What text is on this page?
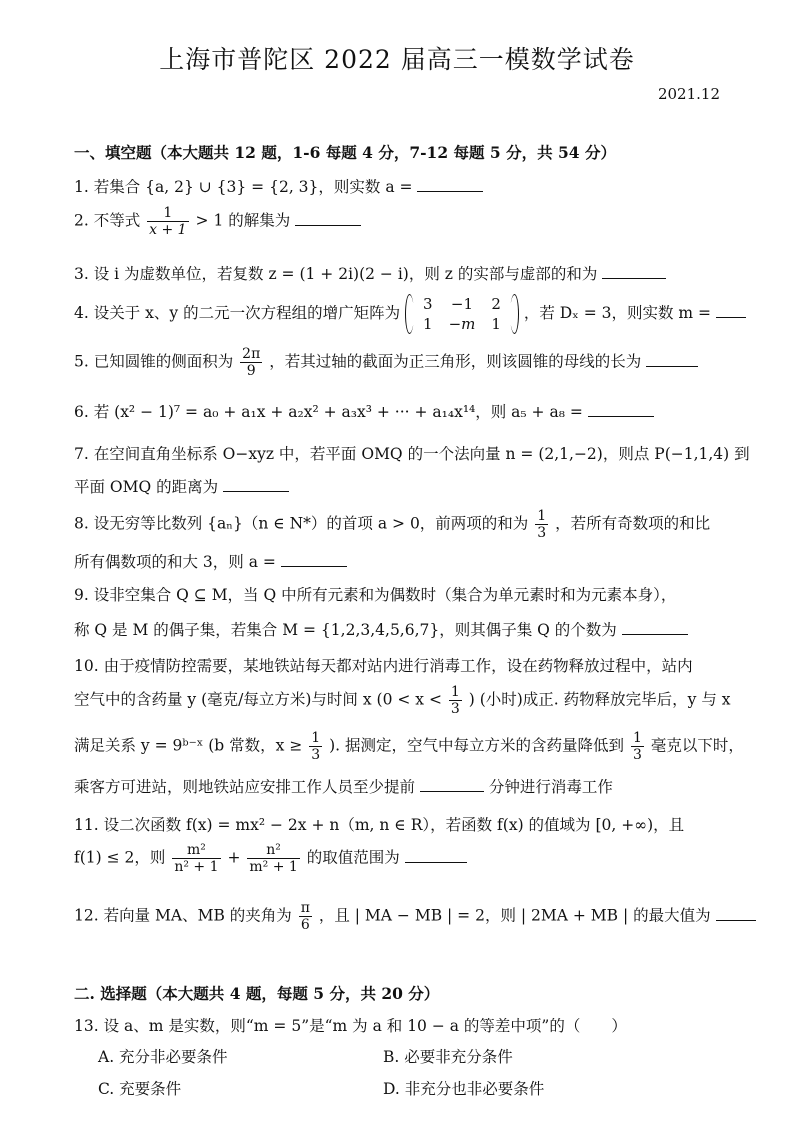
上海市普陀区 2022 届高三一模数学试卷
2021.12
一、填空题（本大题共 12 题，1-6 每题 4 分，7-12 每题 5 分，共 54 分）
1. 若集合 {a, 2} ∪ {3} = {2, 3}，则实数 a =
2. 不等式 $\frac{1}{x + 1} > 1$ 的解集为
3. 设 i 为虚数单位，若复数 z = (1 + 2i)(2 − i)，则 z 的实部与虚部的和为
4. 设关于 x、y 的二元一次方程组的增广矩阵为 3	−1	2
1	−m	1
，若 Dₓ = 3，则实数 m =
5. 已知圆锥的侧面积为 $\frac{2\pi}{9}$ ，若其过轴的截面为正三角形，则该圆锥的母线的长为
6. 若 (x² − 1)⁷ = a₀ + a₁x + a₂x² + a₃x³ + ··· + a₁₄x¹⁴，则 a₅ + a₈ =
7. 在空间直角坐标系 O−xyz 中，若平面 OMQ 的一个法向量 n = (2,1,−2)，则点 P(−1,1,4) 到
平面 OMQ 的距离为
8. 设无穷等比数列 {aₙ}（n ∈ N*）的首项 a > 0，前两项的和为 $\frac{1}{3}$ ，若所有奇数项的和比
所有偶数项的和大 3，则 a =
9. 设非空集合 Q ⊆ M，当 Q 中所有元素和为偶数时（集合为单元素时和为元素本身），
称 Q 是 M 的偶子集，若集合 M = {1,2,3,4,5,6,7}，则其偶子集 Q 的个数为
10. 由于疫情防控需要，某地铁站每天都对站内进行消毒工作，设在药物释放过程中，站内
空气中的含药量 y (毫克/每立方米)与时间 x ($0 < x < \frac{1}{3}$ ) (小时)成正. 药物释放完毕后，y 与 x
满足关系 y = 9ᵇ⁻ˣ (b 常数，$x \ge \frac{1}{3}$ ). 据测定，空气中每立方米的含药量降低到 $\frac{1}{3}$ 毫克以下时，
乘客方可进站，则地铁站应安排工作人员至少提前	分钟进行消毒工作
11. 设二次函数 f(x) = mx² − 2x + n（m, n ∈ R），若函数 f(x) 的值域为 [0, +∞)，且
f(1) ≤ 2，则 $\frac{\text{m²}}{\text{n² + 1}} + \frac{\text{n²}}{\text{m² + 1}}$ 的取值范围为
12. 若向量 MA、MB 的夹角为 $\frac{\pi}{6}$ ，且 | MA − MB | = 2，则 | 2MA + MB | 的最大值为
二. 选择题（本大题共 4 题，每题 5 分，共 20 分）
13. 设 a、m 是实数，则“m = 5”是“m 为 a 和 10 − a 的等差中项”的（　　）
A. 充分非必要条件	B. 必要非充分条件
C. 充要条件	D. 非充分也非必要条件
